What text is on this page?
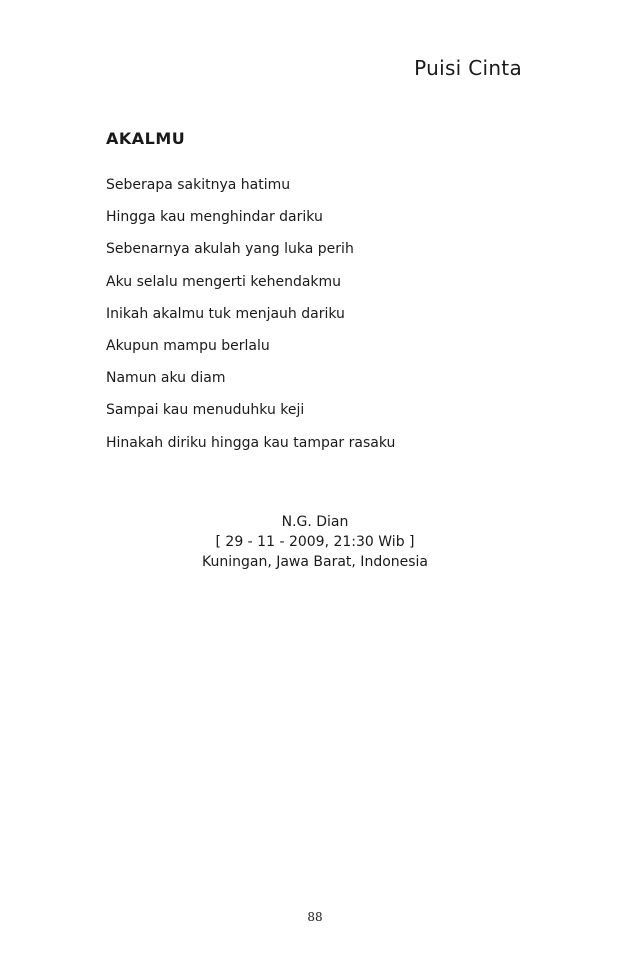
Puisi Cinta
AKALMU
Seberapa sakitnya hatimu
Hingga kau menghindar dariku
Sebenarnya akulah yang luka perih
Aku selalu mengerti kehendakmu
Inikah akalmu tuk menjauh dariku
Akupun mampu berlalu
Namun aku diam
Sampai kau menuduhku keji
Hinakah diriku hingga kau tampar rasaku
N.G. Dian
[ 29 - 11 - 2009, 21:30 Wib ]
Kuningan, Jawa Barat, Indonesia
88
